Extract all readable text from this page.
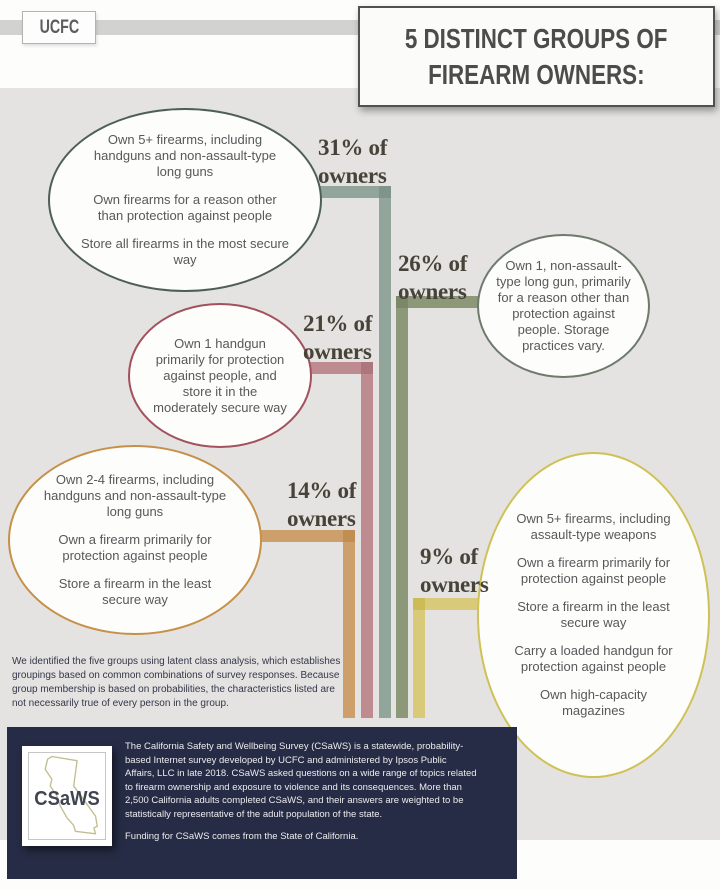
UCFC	5 DISTINCT GROUPS OF
FIREARM OWNERS:

Own 5+ firearms, including handguns and non-assault-type long guns

Own firearms for a reason other than protection against people

Store all firearms in the most secure way

31% of
owners

Own 1, non-assault-type long gun, primarily for a reason other than protection against people. Storage practices vary.

26% of
owners

Own 1 handgun primarily for protection against people, and store it in the moderately secure way

21% of
owners

Own 2-4 firearms, including handguns and non-assault-type long guns

Own a firearm primarily for protection against people

Store a firearm in the least secure way

14% of
owners	Own 5+ firearms, including assault-type weapons

Own a firearm primarily for protection against people

Store a firearm in the least secure way

Carry a loaded handgun for protection against people

Own high-capacity magazines

9% of
owners
We identified the five groups using latent class analysis, which establishes groupings based on common combinations of survey responses. Because group membership is based on probabilities, the characteristics listed are not necessarily true of every person in the group.
CSaWS

The California Safety and Wellbeing Survey (CSaWS) is a statewide, probability-based Internet survey developed by UCFC and administered by Ipsos Public Affairs, LLC in late 2018. CSaWS asked questions on a wide range of topics related to firearm ownership and exposure to violence and its consequences. More than 2,500 California adults completed CSaWS, and their answers are weighted to be statistically representative of the adult population of the state.

Funding for CSaWS comes from the State of California.
